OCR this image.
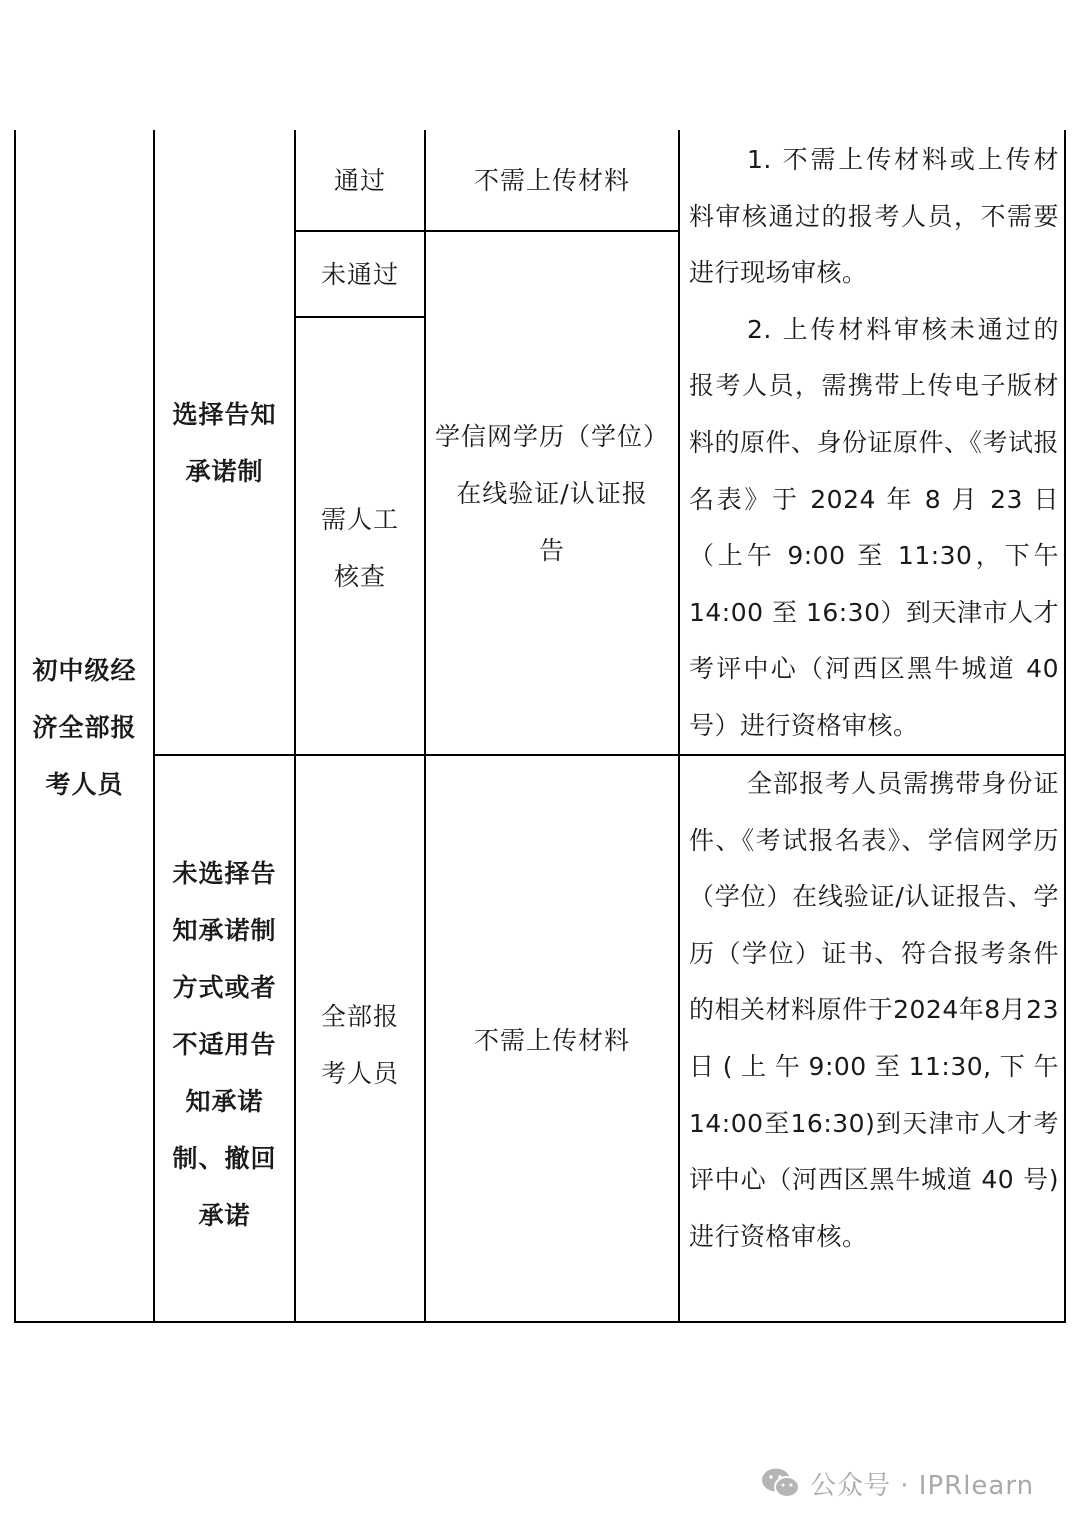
初中级经
济全部报
考人员
选择告知
承诺制
未选择告
知承诺制
方式或者
不适用告
知承诺
制、撤回
承诺
通过
未通过
需人工
核查
全部报
考人员
不需上传材料
学信网学历（学位）
在线验证/认证报
告
不需上传材料

1. 不需上传材料或上传材料审核通过的报考人员，不需要进行现场审核。

2. 上传材料审核未通过的报考人员，需携带上传电子版材料的原件、身份证原件、《考试报名表》于 2024 年 8 月 23 日（上午 9:00 至 11:30，下午 14:00 至 16:30）到天津市人才考评中心（河西区黑牛城道 40 号）进行资格审核。

全部报考人员需携带身份证件、《考试报名表》、学信网学历（学位）在线验证/认证报告、学历（学位）证书、符合报考条件的相关材料原件于2024年8月23日(上午9:00至11:30,下午14:00至16:30)到天津市人才考评中心（河西区黑牛城道 40 号)进行资格审核。

公众号 · IPRlearn
